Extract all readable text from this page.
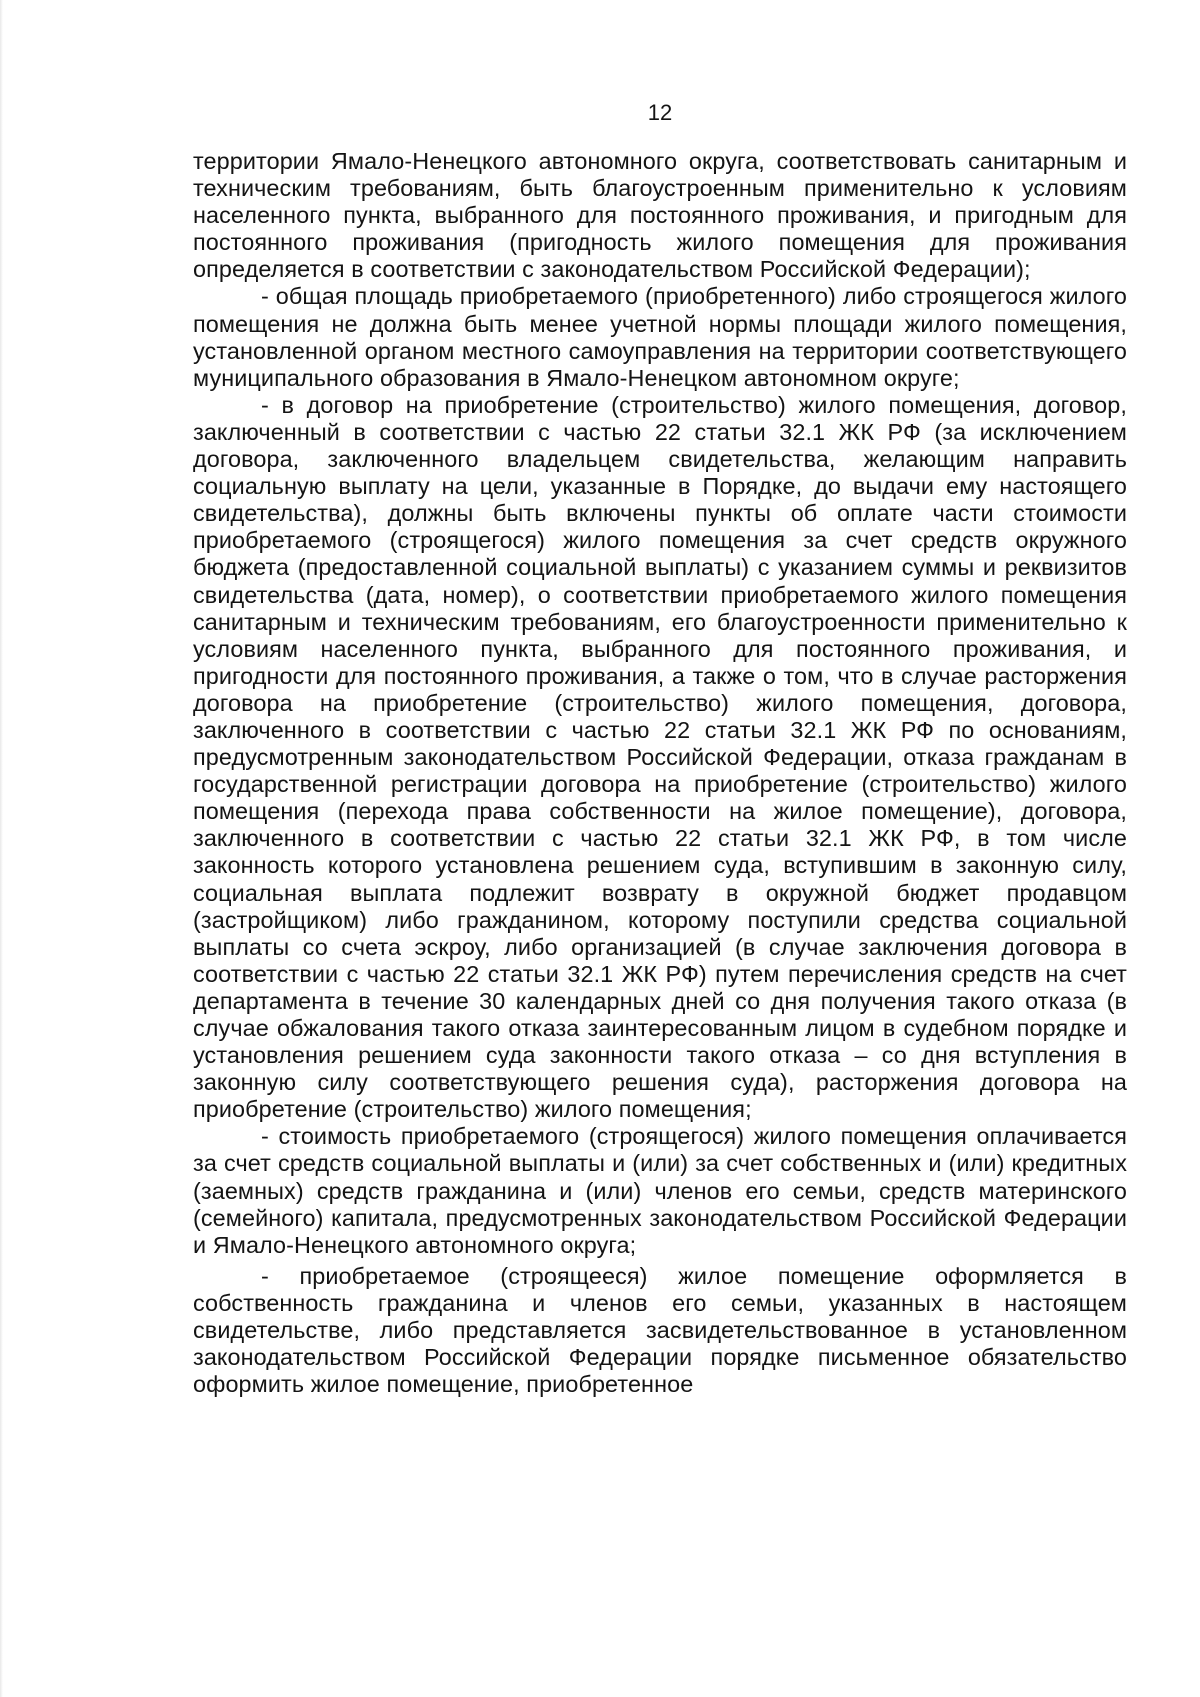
12

территории Ямало-Ненецкого автономного округа, соответствовать санитарным и техническим требованиям, быть благоустроенным применительно к условиям населенного пункта, выбранного для постоянного проживания, и пригодным для постоянного проживания (пригодность жилого помещения для проживания определяется в соответствии с законодательством Российской Федерации);

- общая площадь приобретаемого (приобретенного) либо строящегося жилого помещения не должна быть менее учетной нормы площади жилого помещения, установленной органом местного самоуправления на территории соответствующего муниципального образования в Ямало-Ненецком автономном округе;

- в договор на приобретение (строительство) жилого помещения, договор, заключенный в соответствии с частью 22 статьи 32.1 ЖК РФ (за исключением договора, заключенного владельцем свидетельства, желающим направить социальную выплату на цели, указанные в Порядке, до выдачи ему настоящего свидетельства), должны быть включены пункты об оплате части стоимости приобретаемого (строящегося) жилого помещения за счет средств окружного бюджета (предоставленной социальной выплаты) с указанием суммы и реквизитов свидетельства (дата, номер), о соответствии приобретаемого жилого помещения санитарным и техническим требованиям, его благоустроенности применительно к условиям населенного пункта, выбранного для постоянного проживания, и пригодности для постоянного проживания, а также о том, что в случае расторжения договора на приобретение (строительство) жилого помещения, договора, заключенного в соответствии с частью 22 статьи 32.1 ЖК РФ по основаниям, предусмотренным законодательством Российской Федерации, отказа гражданам в государственной регистрации договора на приобретение (строительство) жилого помещения (перехода права собственности на жилое помещение), договора, заключенного в соответствии с частью 22 статьи 32.1 ЖК РФ, в том числе законность которого установлена решением суда, вступившим в законную силу, социальная выплата подлежит возврату в окружной бюджет продавцом (застройщиком) либо гражданином, которому поступили средства социальной выплаты со счета эскроу, либо организацией (в случае заключения договора в соответствии с частью 22 статьи 32.1 ЖК РФ) путем перечисления средств на счет департамента в течение 30 календарных дней со дня получения такого отказа (в случае обжалования такого отказа заинтересованным лицом в судебном порядке и установления решением суда законности такого отказа – со дня вступления в законную силу соответствующего решения суда), расторжения договора на приобретение (строительство) жилого помещения;

- стоимость приобретаемого (строящегося) жилого помещения оплачивается за счет средств социальной выплаты и (или) за счет собственных и (или) кредитных (заемных) средств гражданина и (или) членов его семьи, средств материнского (семейного) капитала, предусмотренных законодательством Российской Федерации и Ямало-Ненецкого автономного округа;

- приобретаемое (строящееся) жилое помещение оформляется в собственность гражданина и членов его семьи, указанных в настоящем свидетельстве, либо представляется засвидетельствованное в установленном законодательством Российской Федерации порядке письменное обязательство оформить жилое помещение, приобретенное
